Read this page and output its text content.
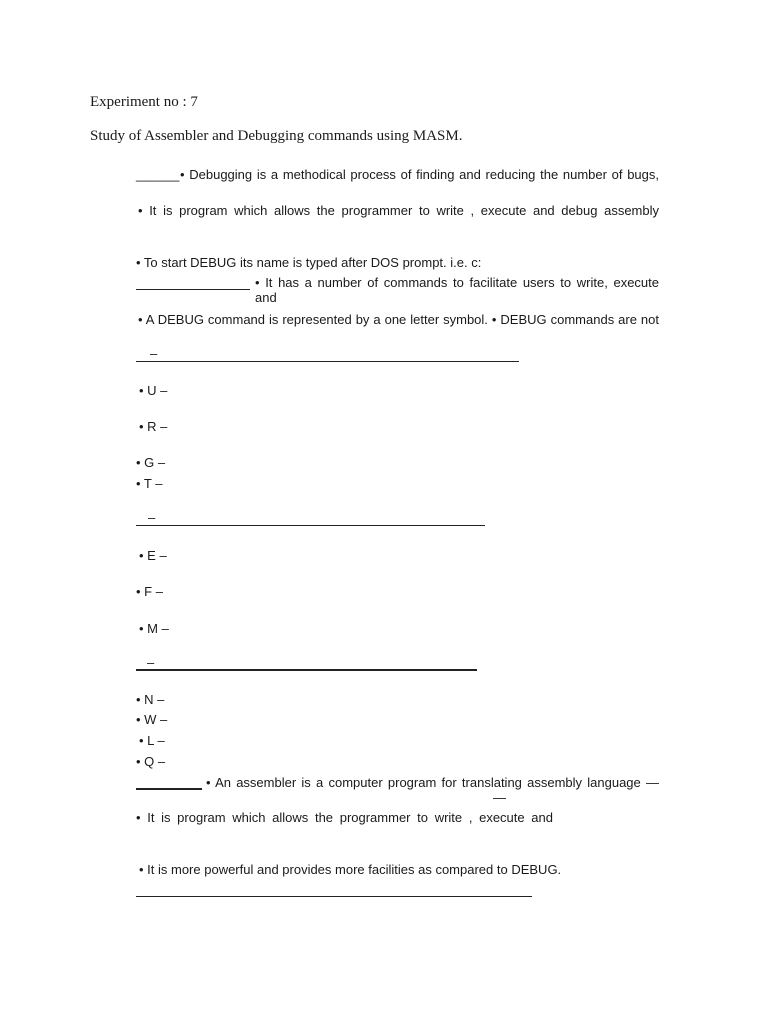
Experiment no : 7
Study of Assembler and Debugging commands using MASM.
______ • Debugging is a methodical process of finding and reducing the number of bugs,
• It is program which allows the programmer to write , execute and debug assembly
• To start DEBUG its name is typed after DOS prompt. i.e. c:
• It has a number of commands to facilitate users to write, execute and
• A DEBUG command is represented by a one letter symbol. • DEBUG commands are not
–
• U –
• R –
• G –
• T –
–
• E –
• F –
• M –
–
• N –
• W –
• L –
• Q –
• An assembler is a computer program for translating assembly language —
—
• It is program which allows the programmer to write , execute and
• It is more powerful and provides more facilities as compared to DEBUG.
